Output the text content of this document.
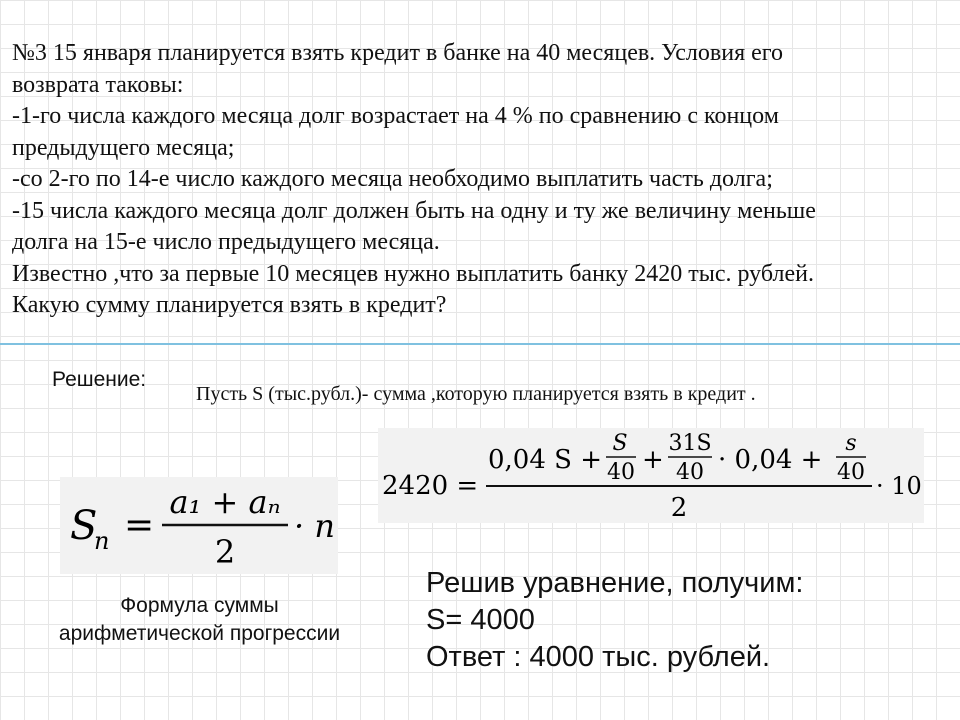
№3 15 января планируется взять кредит в банке на 40 месяцев. Условия его
возврата таковы:
-1-го числа каждого месяца долг возрастает на 4 % по сравнению с концом
предыдущего месяца;
-со 2-го по 14-е число каждого месяца необходимо выплатить часть долга;
-15 числа каждого месяца долг должен быть на одну и ту же величину меньше
долга на 15-е число предыдущего месяца.
Известно ,что за первые 10 месяцев нужно выплатить банку 2420 тыс. рублей.
Какую сумму планируется взять в кредит?
Решение:
Пусть S (тыс.рубл.)- сумма ,которую планируется взять в кредит .
S
n =
a₁ + aₙ
2
· n
2420 =
0,04 S +
S
40 +
31S
40 · 0,04 +
s
40
2
· 10
Формула суммы
арифметической прогрессии
Решив уравнение, получим:
S= 4000
Ответ : 4000 тыс. рублей.
